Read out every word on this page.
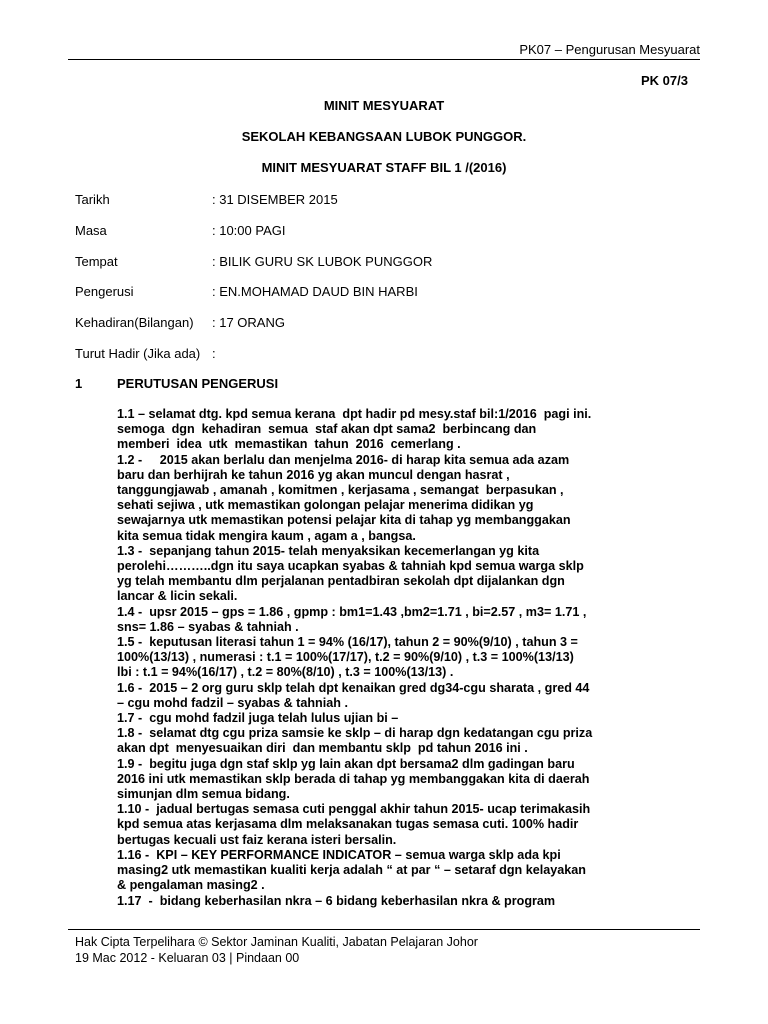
PK07 – Pengurusan Mesyuarat
PK 07/3
MINIT MESYUARAT
SEKOLAH KEBANGSAAN LUBOK PUNGGOR.
MINIT MESYUARAT STAFF BIL 1 /(2016)
Tarikh	: 31 DISEMBER 2015
Masa	: 10:00 PAGI
Tempat	: BILIK GURU SK LUBOK PUNGGOR
Pengerusi	: EN.MOHAMAD DAUD BIN HARBI
Kehadiran(Bilangan) : 17 ORANG
Turut Hadir (Jika ada) :
1	PERUTUSAN PENGERUSI

1.1 – selamat dtg. kpd semua kerana  dpt hadir pd mesy.staf bil:1/2016  pagi ini.
semoga  dgn  kehadiran  semua  staf akan dpt sama2  berbincang dan
memberi  idea  utk  memastikan  tahun  2016  cemerlang .

1.2 -     2015 akan berlalu dan menjelma 2016- di harap kita semua ada azam
baru dan berhijrah ke tahun 2016 yg akan muncul dengan hasrat ,
tanggungjawab , amanah , komitmen , kerjasama , semangat  berpasukan ,
sehati sejiwa , utk memastikan golongan pelajar menerima didikan yg
sewajarnya utk memastikan potensi pelajar kita di tahap yg membanggakan
kita semua tidak mengira kaum , agam a , bangsa.

1.3 -  sepanjang tahun 2015- telah menyaksikan kecemerlangan yg kita
perolehi………..dgn itu saya ucapkan syabas & tahniah kpd semua warga sklp
yg telah membantu dlm perjalanan pentadbiran sekolah dpt dijalankan dgn
lancar & licin sekali.

1.4 -  upsr 2015 – gps = 1.86 , gpmp : bm1=1.43 ,bm2=1.71 , bi=2.57 , m3= 1.71 ,
sns= 1.86 – syabas & tahniah .

1.5 -  keputusan literasi tahun 1 = 94% (16/17), tahun 2 = 90%(9/10) , tahun 3 =
100%(13/13) , numerasi : t.1 = 100%(17/17), t.2 = 90%(9/10) , t.3 = 100%(13/13)
lbi : t.1 = 94%(16/17) , t.2 = 80%(8/10) , t.3 = 100%(13/13) .

1.6 -  2015 – 2 org guru sklp telah dpt kenaikan gred dg34-cgu sharata , gred 44
– cgu mohd fadzil – syabas & tahniah .

1.7 -  cgu mohd fadzil juga telah lulus ujian bi –

1.8 -  selamat dtg cgu priza samsie ke sklp – di harap dgn kedatangan cgu priza
akan dpt  menyesuaikan diri  dan membantu sklp  pd tahun 2016 ini .

1.9 -  begitu juga dgn staf sklp yg lain akan dpt bersama2 dlm gadingan baru
2016 ini utk memastikan sklp berada di tahap yg membanggakan kita di daerah
simunjan dlm semua bidang.

1.10 -  jadual bertugas semasa cuti penggal akhir tahun 2015- ucap terimakasih
kpd semua atas kerjasama dlm melaksanakan tugas semasa cuti. 100% hadir
bertugas kecuali ust faiz kerana isteri bersalin.

1.16 -  KPI – KEY PERFORMANCE INDICATOR – semua warga sklp ada kpi
masing2 utk memastikan kualiti kerja adalah “ at par “ – setaraf dgn kelayakan
& pengalaman masing2 .

1.17  -  bidang keberhasilan nkra – 6 bidang keberhasilan nkra & program

Hak Cipta Terpelihara © Sektor Jaminan Kualiti, Jabatan Pelajaran Johor
19 Mac 2012 - Keluaran 03 | Pindaan 00
